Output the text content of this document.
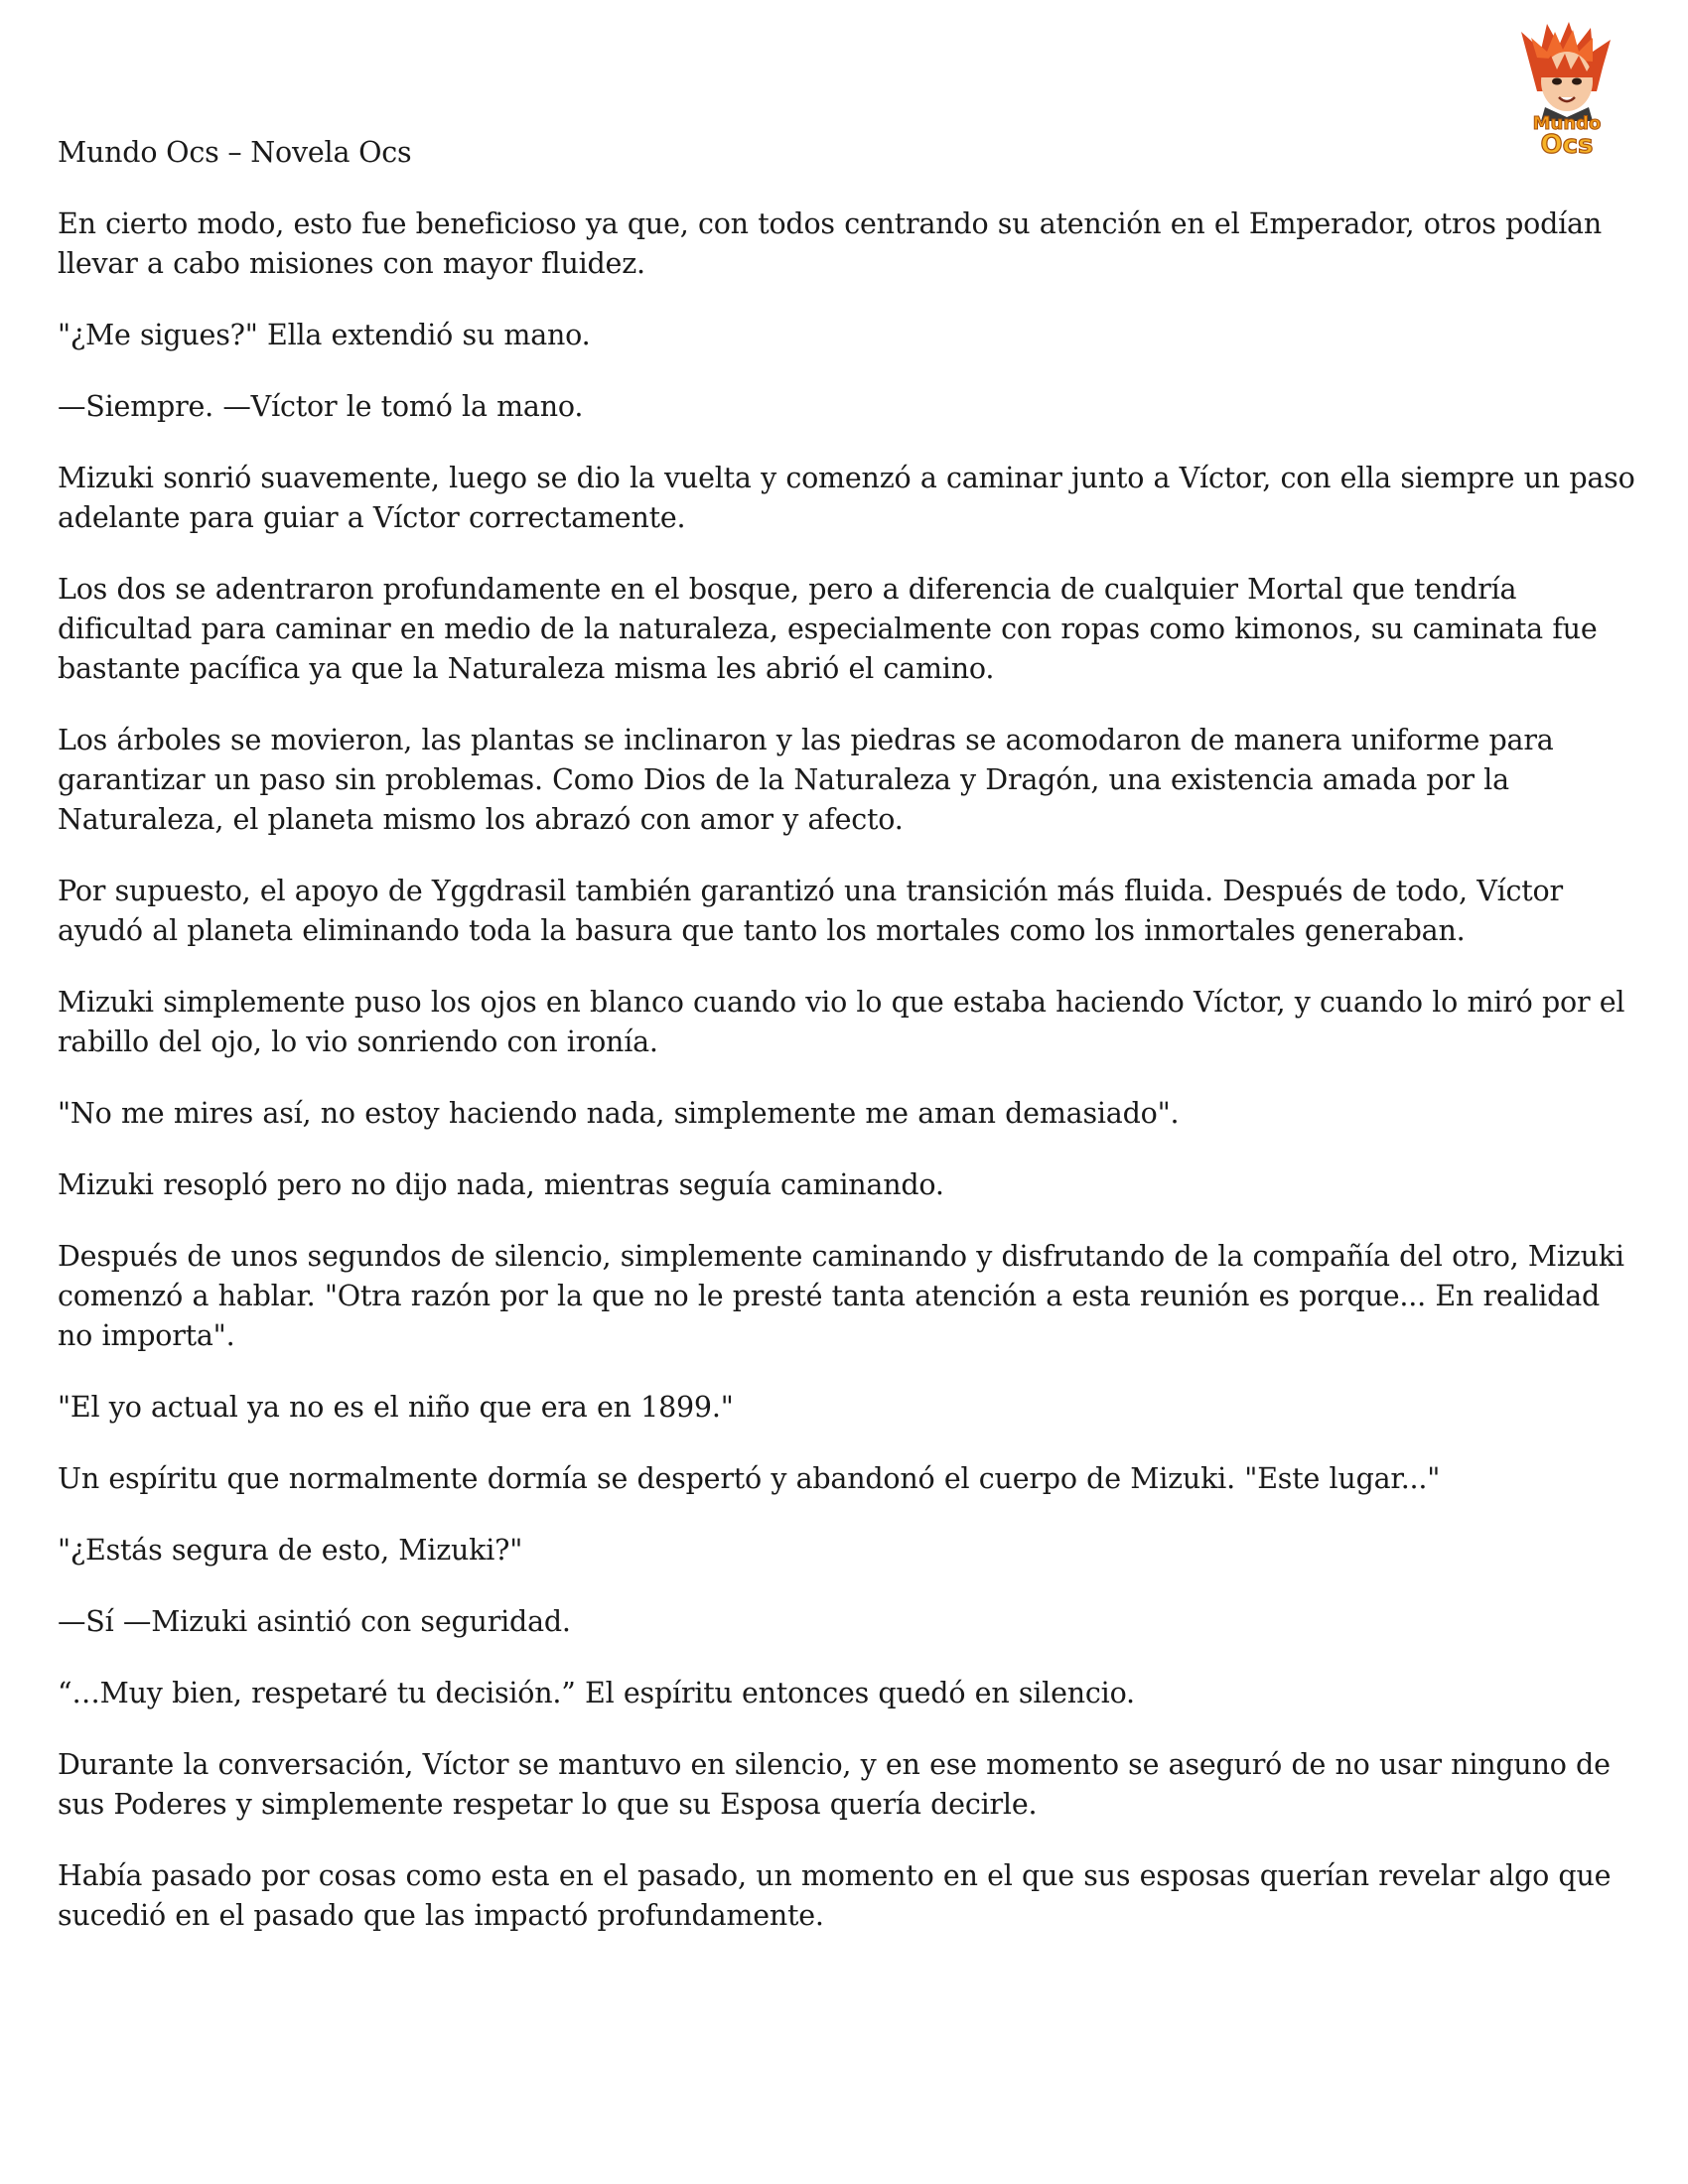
Mundo
Ocs

Mundo Ocs – Novela Ocs

En cierto modo, esto fue beneficioso ya que, con todos centrando su atención en el Emperador, otros podían llevar a cabo misiones con mayor fluidez.

"¿Me sigues?" Ella extendió su mano.

—Siempre. —Víctor le tomó la mano.

Mizuki sonrió suavemente, luego se dio la vuelta y comenzó a caminar junto a Víctor, con ella siempre un paso adelante para guiar a Víctor correctamente.

Los dos se adentraron profundamente en el bosque, pero a diferencia de cualquier Mortal que tendría dificultad para caminar en medio de la naturaleza, especialmente con ropas como kimonos, su caminata fue bastante pacífica ya que la Naturaleza misma les abrió el camino.

Los árboles se movieron, las plantas se inclinaron y las piedras se acomodaron de manera uniforme para garantizar un paso sin problemas. Como Dios de la Naturaleza y Dragón, una existencia amada por la Naturaleza, el planeta mismo los abrazó con amor y afecto.

Por supuesto, el apoyo de Yggdrasil también garantizó una transición más fluida. Después de todo, Víctor ayudó al planeta eliminando toda la basura que tanto los mortales como los inmortales generaban.

Mizuki simplemente puso los ojos en blanco cuando vio lo que estaba haciendo Víctor, y cuando lo miró por el rabillo del ojo, lo vio sonriendo con ironía.

"No me mires así, no estoy haciendo nada, simplemente me aman demasiado".

Mizuki resopló pero no dijo nada, mientras seguía caminando.

Después de unos segundos de silencio, simplemente caminando y disfrutando de la compañía del otro, Mizuki comenzó a hablar. "Otra razón por la que no le presté tanta atención a esta reunión es porque... En realidad no importa".

"El yo actual ya no es el niño que era en 1899."

Un espíritu que normalmente dormía se despertó y abandonó el cuerpo de Mizuki. "Este lugar..."

"¿Estás segura de esto, Mizuki?"

—Sí —Mizuki asintió con seguridad.

“…Muy bien, respetaré tu decisión.” El espíritu entonces quedó en silencio.

Durante la conversación, Víctor se mantuvo en silencio, y en ese momento se aseguró de no usar ninguno de sus Poderes y simplemente respetar lo que su Esposa quería decirle.

Había pasado por cosas como esta en el pasado, un momento en el que sus esposas querían revelar algo que sucedió en el pasado que las impactó profundamente.
